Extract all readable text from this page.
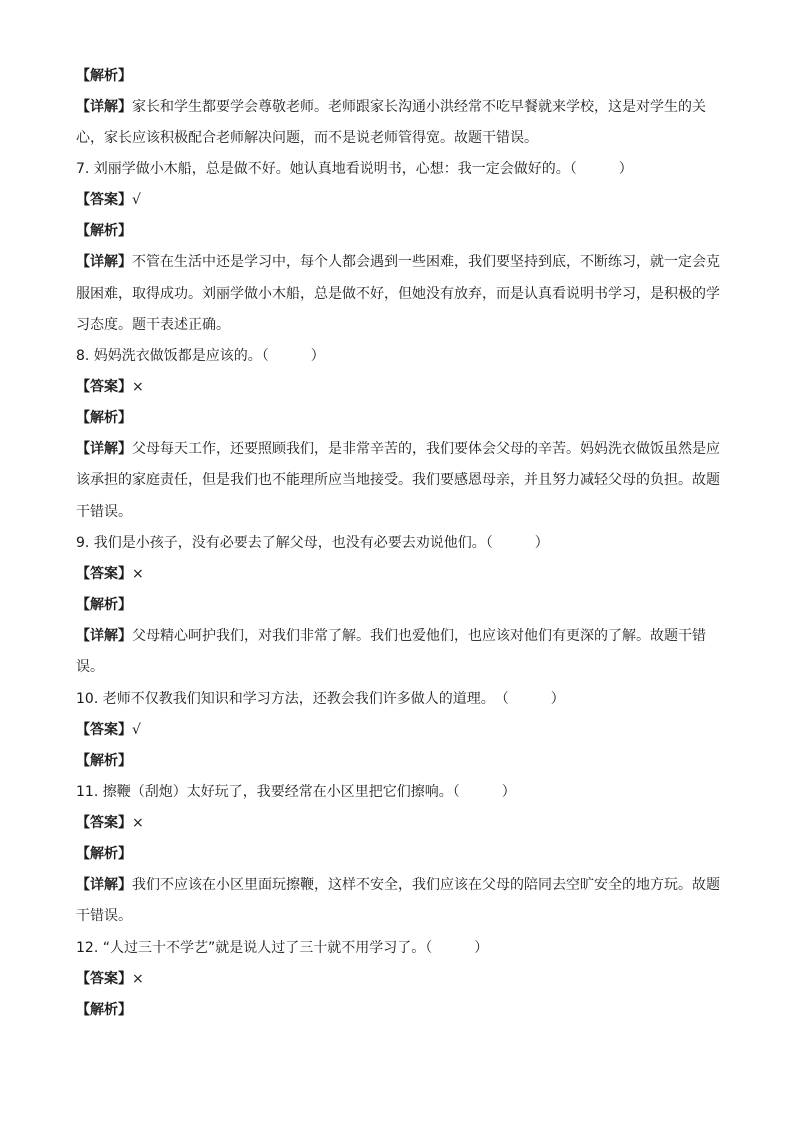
【解析】
【详解】家长和学生都要学会尊敬老师。老师跟家长沟通小洪经常不吃早餐就来学校，这是对学生的关
心，家长应该积极配合老师解决问题，而不是说老师管得宽。故题干错误。
7. 刘丽学做小木船，总是做不好。她认真地看说明书，心想：我一定会做好的。（　　　）
【答案】√
【解析】
【详解】不管在生活中还是学习中，每个人都会遇到一些困难，我们要坚持到底，不断练习，就一定会克
服困难，取得成功。刘丽学做小木船，总是做不好，但她没有放弃，而是认真看说明书学习，是积极的学
习态度。题干表述正确。
8. 妈妈洗衣做饭都是应该的。（　　　）
【答案】×
【解析】
【详解】父母每天工作，还要照顾我们，是非常辛苦的，我们要体会父母的辛苦。妈妈洗衣做饭虽然是应
该承担的家庭责任，但是我们也不能理所应当地接受。我们要感恩母亲，并且努力减轻父母的负担。故题
干错误。
9. 我们是小孩子，没有必要去了解父母，也没有必要去劝说他们。（　　　）
【答案】×
【解析】
【详解】父母精心呵护我们，对我们非常了解。我们也爱他们，也应该对他们有更深的了解。故题干错
误。
10. 老师不仅教我们知识和学习方法，还教会我们许多做人的道理。　（　　　）
【答案】√
【解析】
11. 擦鞭（刮炮）太好玩了，我要经常在小区里把它们擦响。（　　　）
【答案】×
【解析】
【详解】我们不应该在小区里面玩擦鞭，这样不安全，我们应该在父母的陪同去空旷安全的地方玩。故题
干错误。
12. “人过三十不学艺”就是说人过了三十就不用学习了。（　　　）
【答案】×
【解析】
